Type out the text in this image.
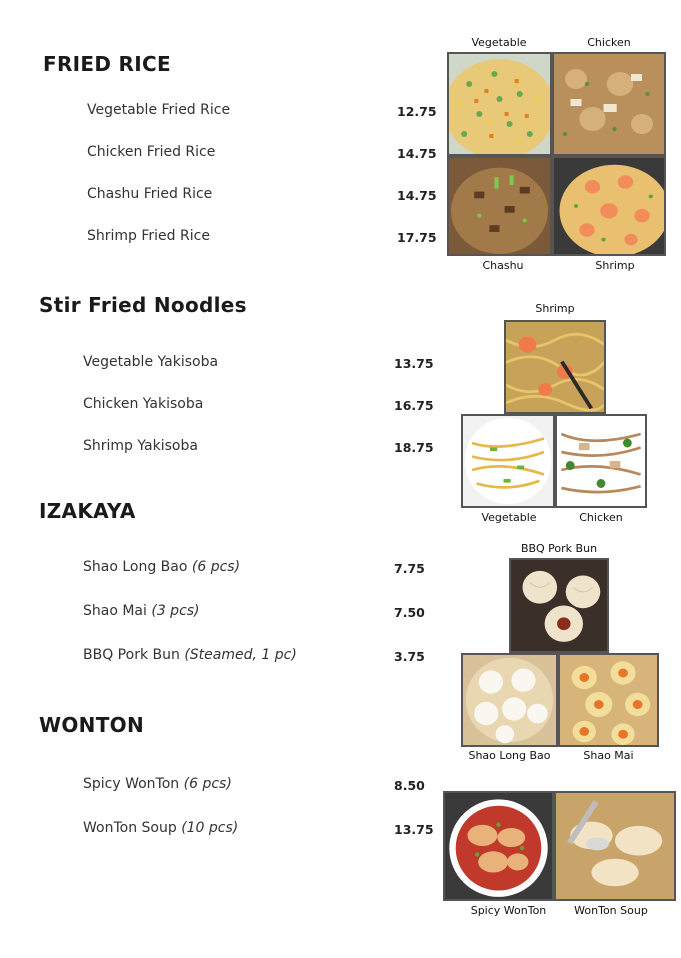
FRIED RICE
Vegetable Fried Rice	12.75
Chicken Fried Rice	14.75
Chashu Fried Rice	14.75
Shrimp Fried Rice	17.75
Vegetable	Chicken
Chashu	Shrimp
Stir Fried Noodles
Vegetable Yakisoba	13.75
Chicken Yakisoba	16.75
Shrimp Yakisoba	18.75
Shrimp
Vegetable	Chicken
IZAKAYA
Shao Long Bao (6 pcs)	7.75
Shao Mai (3 pcs)	7.50
BBQ Pork Bun (Steamed, 1 pc)	3.75
BBQ Pork Bun
Shao Long Bao	Shao Mai
WONTON
Spicy WonTon (6 pcs)	8.50
WonTon Soup (10 pcs)	13.75
Spicy WonTon	WonTon Soup
